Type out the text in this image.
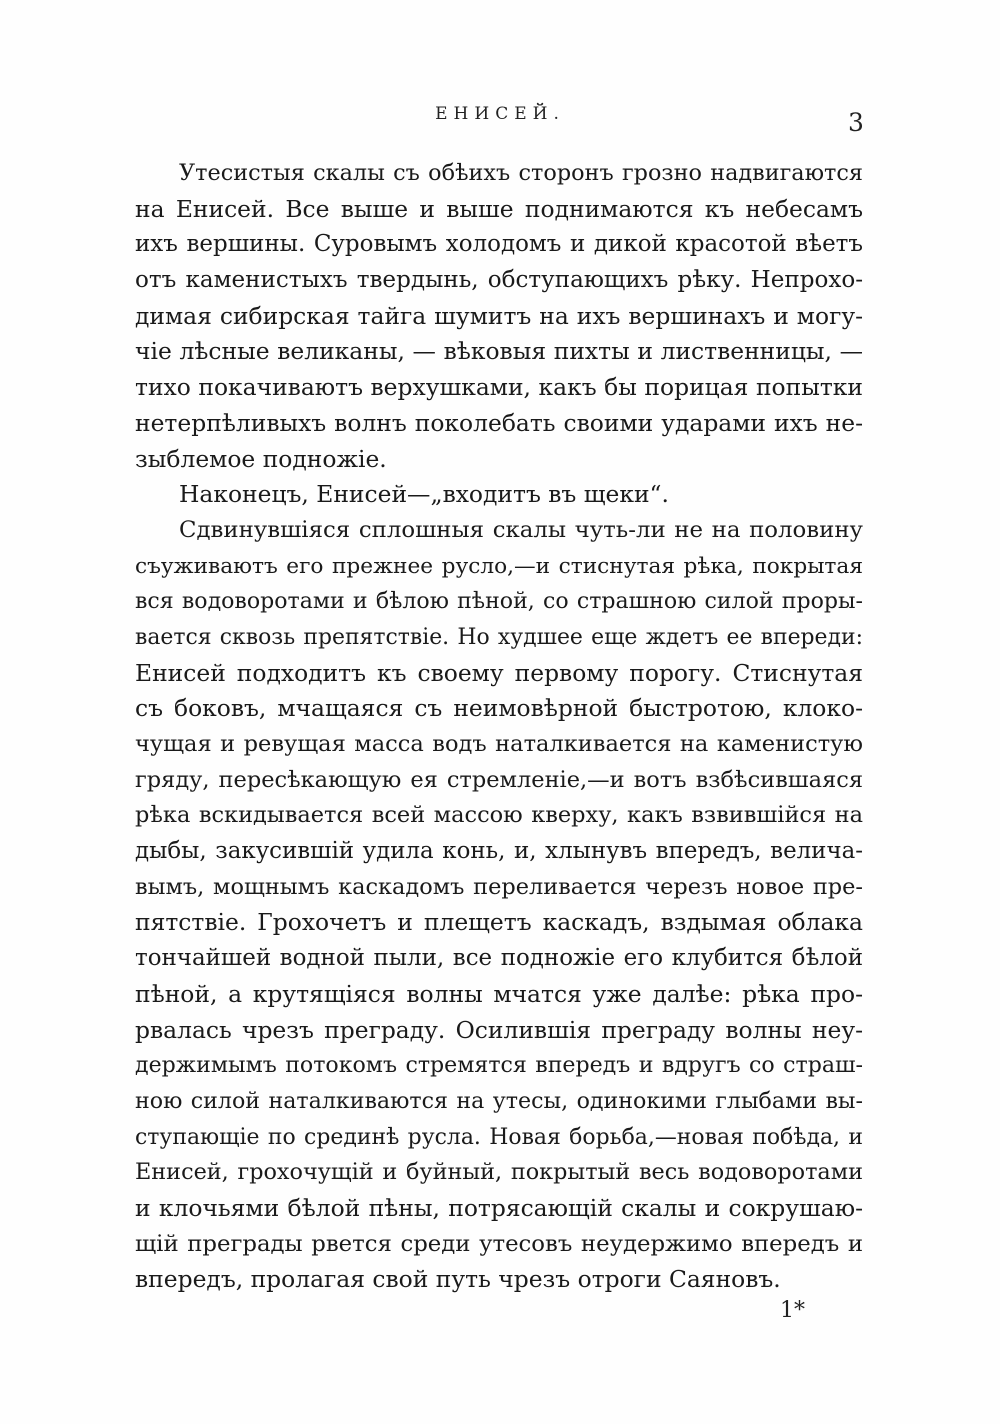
ЕНИСЕЙ.	3
Утесистыя скалы съ обѣихъ сторонъ грозно надвигаются
на Енисей. Все выше и выше поднимаются къ небесамъ
ихъ вершины. Суровымъ холодомъ и дикой красотой вѣетъ
отъ каменистыхъ твердынь, обступающихъ рѣку. Непрохо-
димая сибирская тайга шумитъ на ихъ вершинахъ и могу-
чіе лѣсные великаны, — вѣковыя пихты и лиственницы, —
тихо покачиваютъ верхушками, какъ бы порицая попытки
нетерпѣливыхъ волнъ поколебать своими ударами ихъ не-
зыблемое подножіе.
Наконецъ, Енисей—„входитъ въ щеки“.
Сдвинувшіяся сплошныя скалы чуть-ли не на половину
съуживаютъ его прежнее русло,—и стиснутая рѣка, покрытая
вся водоворотами и бѣлою пѣной, со страшною силой проры-
вается сквозь препятствіе. Но худшее еще ждетъ ее впереди:
Енисей подходитъ къ своему первому порогу. Стиснутая
съ боковъ, мчащаяся съ неимовѣрной быстротою, клоко-
чущая и ревущая масса водъ наталкивается на каменистую
гряду, пересѣкающую ея стремленіе,—и вотъ взбѣсившаяся
рѣка вскидывается всей массою кверху, какъ взвившійся на
дыбы, закусившій удила конь, и, хлынувъ впередъ, величa-
вымъ, мощнымъ каскадомъ переливается черезъ новое пре-
пятствіе. Грохочетъ и плещетъ каскадъ, вздымая облака
тончайшей водной пыли, все подножіе его клубится бѣлой
пѣной, а крутящіяся волны мчатся уже далѣе: рѣка про-
рвалась чрезъ преграду. Осилившія преграду волны неу-
держимымъ потокомъ стремятся впередъ и вдругъ со страш-
ною силой наталкиваются на утесы, одинокими глыбами вы-
ступающіе по срединѣ русла. Новая борьба,—новая побѣда, и
Енисей, грохочущій и буйный, покрытый весь водоворотами
и клочьями бѣлой пѣны, потрясающій скалы и сокрушаю-
щій преграды рвется среди утесовъ неудержимо впередъ и
впередъ, пролагая свой путь чрезъ отроги Саяновъ.
1*
